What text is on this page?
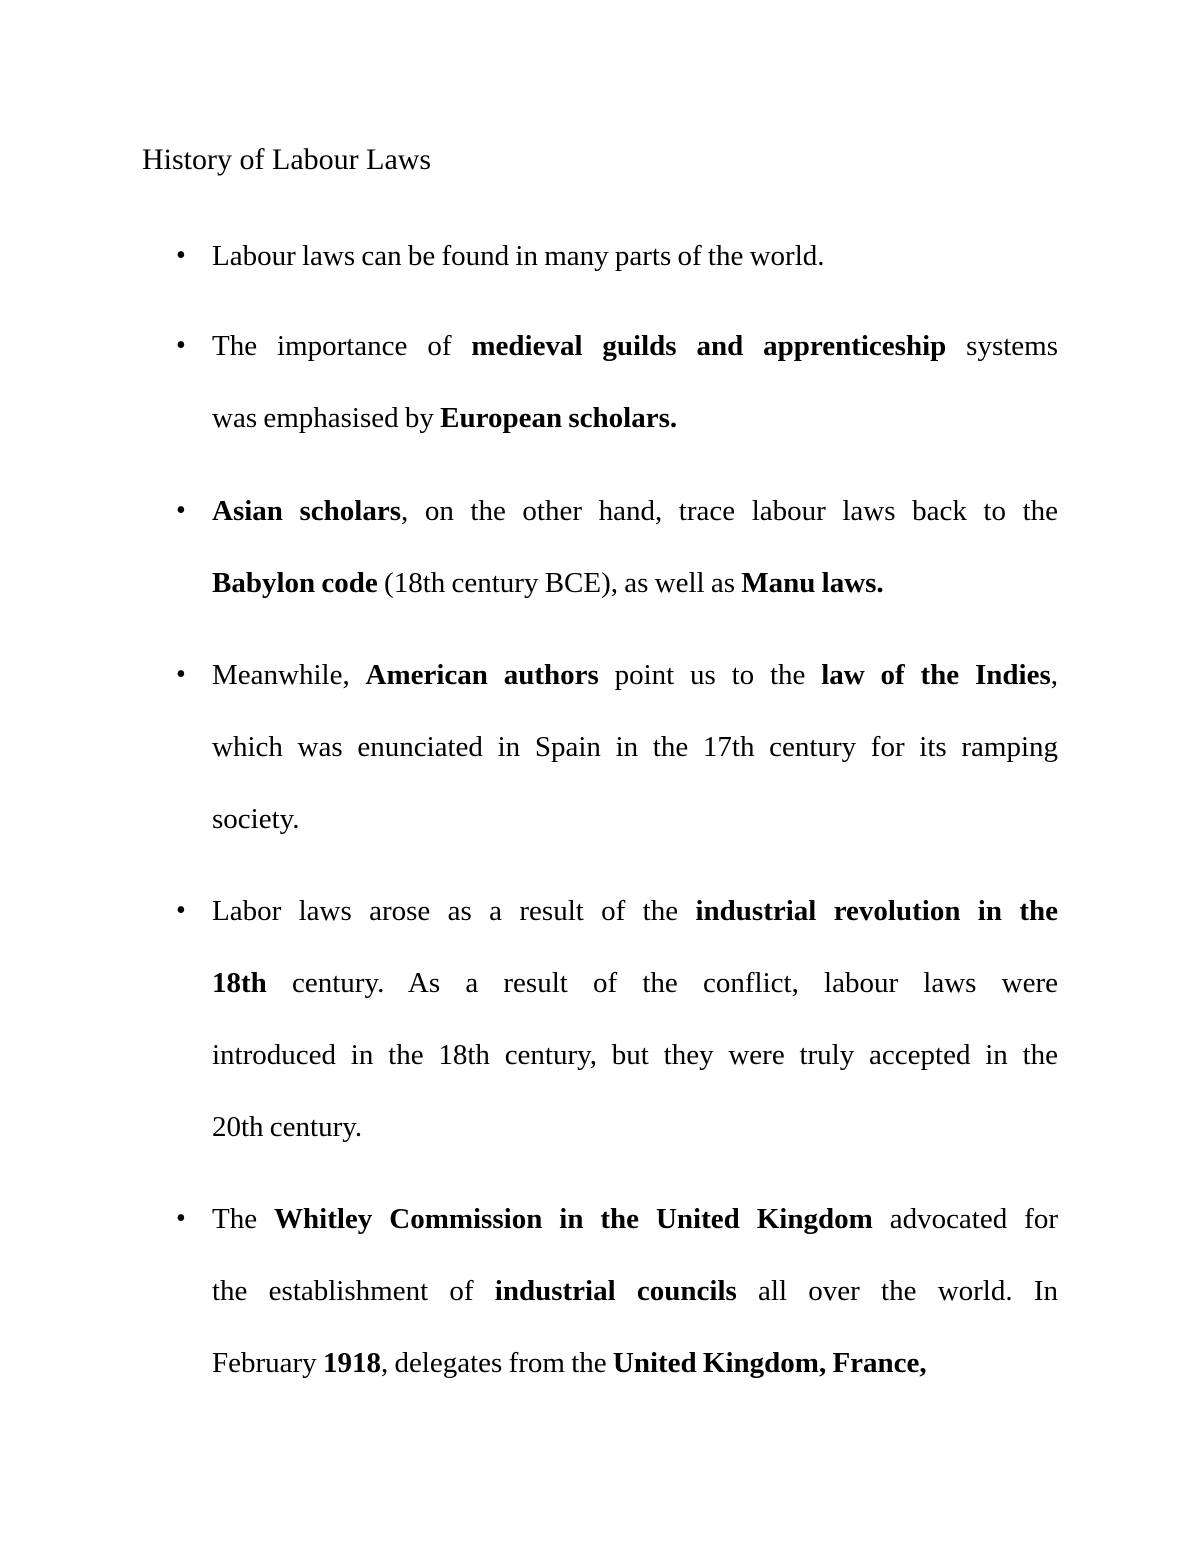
History of Labour Laws
• Labour laws can be found in many parts of the world.
• The importance of medieval guilds and apprenticeship systems
was emphasised by European scholars.
• Asian scholars, on the other hand, trace labour laws back to the
Babylon code (18th century BCE), as well as Manu laws.
• Meanwhile, American authors point us to the law of the Indies,
which was enunciated in Spain in the 17th century for its ramping
society.
• Labor laws arose as a result of the industrial revolution in the
18th century. As a result of the conflict, labour laws were
introduced in the 18th century, but they were truly accepted in the
20th century.
• The Whitley Commission in the United Kingdom advocated for
the establishment of industrial councils all over the world. In
February 1918, delegates from the United Kingdom, France,
